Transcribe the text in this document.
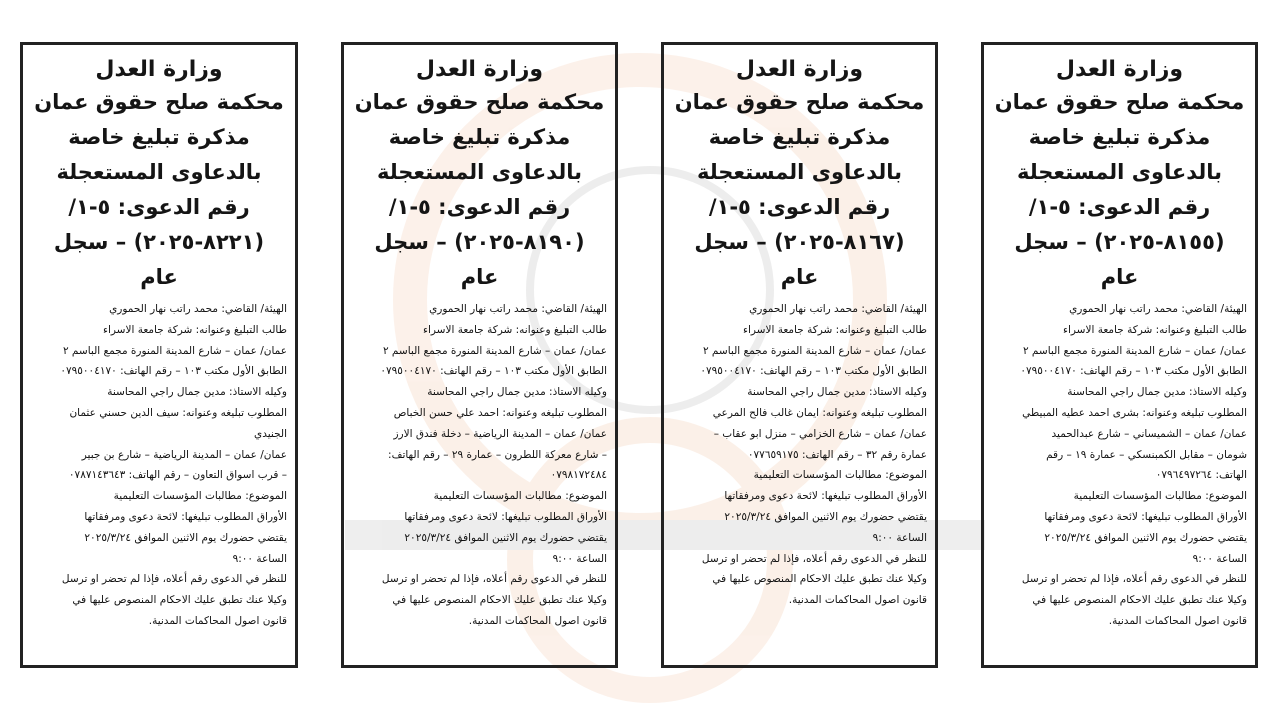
وزارة العدل
محكمة صلح حقوق عمان
مذكرة تبليغ خاصة
بالدعاوى المستعجلة
رقم الدعوى: ٥-١/
(٨١٥٥-٢٠٢٥) – سجل
عام
الهيئة/ القاضي: محمد راتب نهار الحموري
طالب التبليغ وعنوانه: شركة جامعة الاسراء
عمان/ عمان – شارع المدينة المنورة مجمع الباسم ٢
الطابق الأول مكتب ١٠٣ – رقم الهاتف: ٠٧٩٥٠٠٤١٧٠
وكيله الاستاذ: مدين جمال راجي المحاسنة
المطلوب تبليغه وعنوانه: بشرى احمد عطيه المبيطي
عمان/ عمان – الشميساني – شارع عبدالحميد
شومان – مقابل الكمبنسكي – عمارة ١٩ – رقم
الهاتف: ٠٧٩٦٤٩٧٢٦٤
الموضوع: مطالبات المؤسسات التعليمية
الأوراق المطلوب تبليغها: لائحة دعوى ومرفقاتها
يقتضي حضورك يوم الاثنين الموافق ٢٠٢٥/٣/٢٤
الساعة ٩:٠٠
للنظر في الدعوى رقم أعلاه، فإذا لم تحضر او ترسل
وكيلا عنك تطبق عليك الاحكام المنصوص عليها في
قانون اصول المحاكمات المدنية.
وزارة العدل
محكمة صلح حقوق عمان
مذكرة تبليغ خاصة
بالدعاوى المستعجلة
رقم الدعوى: ٥-١/
(٨١٦٧-٢٠٢٥) – سجل
عام
الهيئة/ القاضي: محمد راتب نهار الحموري
طالب التبليغ وعنوانه: شركة جامعة الاسراء
عمان/ عمان – شارع المدينة المنورة مجمع الباسم ٢
الطابق الأول مكتب ١٠٣ – رقم الهاتف: ٠٧٩٥٠٠٤١٧٠
وكيله الاستاذ: مدين جمال راجي المحاسنة
المطلوب تبليغه وعنوانه: ايمان غالب فالح المرعي
عمان/ عمان – شارع الخزامي – منزل ابو عقاب –
عمارة رقم ٣٢ – رقم الهاتف: ٠٧٧٦٥٩١٧٥
الموضوع: مطالبات المؤسسات التعليمية
الأوراق المطلوب تبليغها: لائحة دعوى ومرفقاتها
يقتضي حضورك يوم الاثنين الموافق ٢٠٢٥/٣/٢٤
الساعة ٩:٠٠
للنظر في الدعوى رقم أعلاه، فإذا لم تحضر او ترسل
وكيلا عنك تطبق عليك الاحكام المنصوص عليها في
قانون اصول المحاكمات المدنية.
وزارة العدل
محكمة صلح حقوق عمان
مذكرة تبليغ خاصة
بالدعاوى المستعجلة
رقم الدعوى: ٥-١/
(٨١٩٠-٢٠٢٥) – سجل
عام
الهيئة/ القاضي: محمد راتب نهار الحموري
طالب التبليغ وعنوانه: شركة جامعة الاسراء
عمان/ عمان – شارع المدينة المنورة مجمع الباسم ٢
الطابق الأول مكتب ١٠٣ – رقم الهاتف: ٠٧٩٥٠٠٤١٧٠
وكيله الاستاذ: مدين جمال راجي المحاسنة
المطلوب تبليغه وعنوانه: احمد علي حسن الخباص
عمان/ عمان – المدينة الرياضية – دخلة فندق الارز
– شارع معركة اللطرون – عمارة ٢٩ – رقم الهاتف:
٠٧٩٨١٧٢٤٨٤
الموضوع: مطالبات المؤسسات التعليمية
الأوراق المطلوب تبليغها: لائحة دعوى ومرفقاتها
يقتضي حضورك يوم الاثنين الموافق ٢٠٢٥/٣/٢٤
الساعة ٩:٠٠
للنظر في الدعوى رقم أعلاه، فإذا لم تحضر او ترسل
وكيلا عنك تطبق عليك الاحكام المنصوص عليها في
قانون اصول المحاكمات المدنية.
وزارة العدل
محكمة صلح حقوق عمان
مذكرة تبليغ خاصة
بالدعاوى المستعجلة
رقم الدعوى: ٥-١/
(٨٢٢١-٢٠٢٥) – سجل
عام
الهيئة/ القاضي: محمد راتب نهار الحموري
طالب التبليغ وعنوانه: شركة جامعة الاسراء
عمان/ عمان – شارع المدينة المنورة مجمع الباسم ٢
الطابق الأول مكتب ١٠٣ – رقم الهاتف: ٠٧٩٥٠٠٤١٧٠
وكيله الاستاذ: مدين جمال راجي المحاسنة
المطلوب تبليغه وعنوانه: سيف الدين حسني عثمان
الجنيدي
عمان/ عمان – المدينة الرياضية – شارع بن جبير
– قرب اسواق التعاون – رقم الهاتف: ٠٧٨٧١٤٣٦٤٣
الموضوع: مطالبات المؤسسات التعليمية
الأوراق المطلوب تبليغها: لائحة دعوى ومرفقاتها
يقتضي حضورك يوم الاثنين الموافق ٢٠٢٥/٣/٢٤
الساعة ٩:٠٠
للنظر في الدعوى رقم أعلاه، فإذا لم تحضر او ترسل
وكيلا عنك تطبق عليك الاحكام المنصوص عليها في
قانون اصول المحاكمات المدنية.
